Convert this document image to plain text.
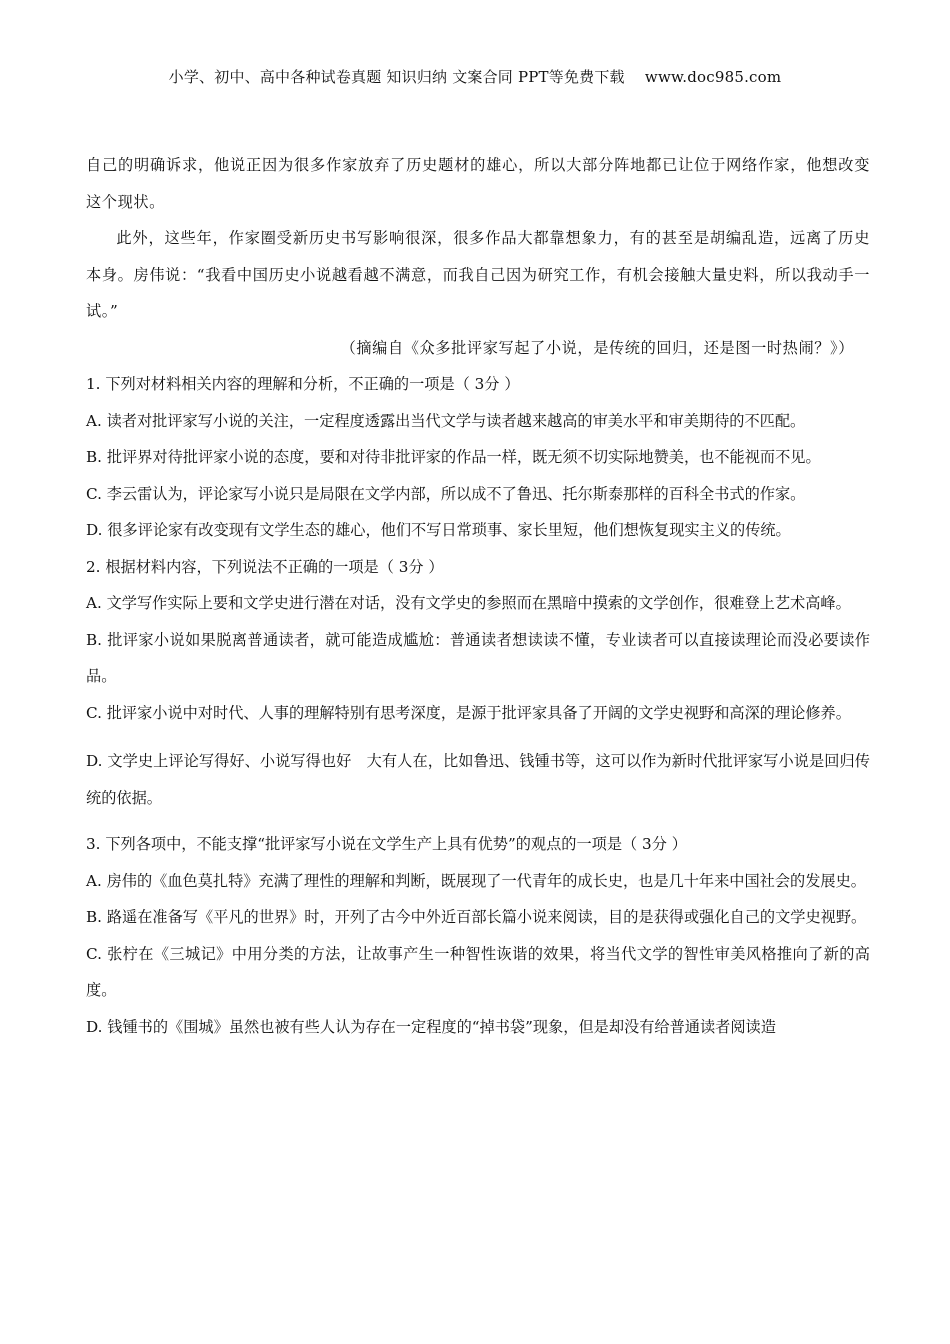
小学、初中、高中各种试卷真题 知识归纳 文案合同 PPT等免费下载　 www.doc985.com

自己的明确诉求，他说正因为很多作家放弃了历史题材的雄心，所以大部分阵地都已让位于网络作家，他想改变这个现状。

此外，这些年，作家圈受新历史书写影响很深，很多作品大都靠想象力，有的甚至是胡编乱造，远离了历史本身。房伟说：“我看中国历史小说越看越不满意，而我自己因为研究工作，有机会接触大量史料，所以我动手一试。”

（摘编自《众多批评家写起了小说，是传统的回归，还是图一时热闹？》）

1. 下列对材料相关内容的理解和分析，不正确的一项是（ 3分 ）

A. 读者对批评家写小说的关注，一定程度透露出当代文学与读者越来越高的审美水平和审美期待的不匹配。

B. 批评界对待批评家小说的态度，要和对待非批评家的作品一样，既无须不切实际地赞美，也不能视而不见。

C. 李云雷认为，评论家写小说只是局限在文学内部，所以成不了鲁迅、托尔斯泰那样的百科全书式的作家。

D. 很多评论家有改变现有文学生态的雄心，他们不写日常琐事、家长里短，他们想恢复现实主义的传统。

2. 根据材料内容，下列说法不正确的一项是（ 3分 ）

A. 文学写作实际上要和文学史进行潜在对话，没有文学史的参照而在黑暗中摸索的文学创作，很难登上艺术高峰。

B. 批评家小说如果脱离普通读者，就可能造成尴尬：普通读者想读读不懂，专业读者可以直接读理论而没必要读作品。

C. 批评家小说中对时代、人事的理解特别有思考深度，是源于批评家具备了开阔的文学史视野和高深的理论修养。

D. 文学史上评论写得好、小说写得也好　大有人在，比如鲁迅、钱锺书等，这可以作为新时代批评家写小说是回归传统的依据。

3. 下列各项中，不能支撑“批评家写小说在文学生产上具有优势”的观点的一项是（ 3分 ）

A. 房伟的《血色莫扎特》充满了理性的理解和判断，既展现了一代青年的成长史，也是几十年来中国社会的发展史。

B. 路遥在准备写《平凡的世界》时，开列了古今中外近百部长篇小说来阅读，目的是获得或强化自己的文学史视野。

C. 张柠在《三城记》中用分类的方法，让故事产生一种智性诙谐的效果，将当代文学的智性审美风格推向了新的高度。

D. 钱锺书的《围城》虽然也被有些人认为存在一定程度的“掉书袋”现象，但是却没有给普通读者阅读造
